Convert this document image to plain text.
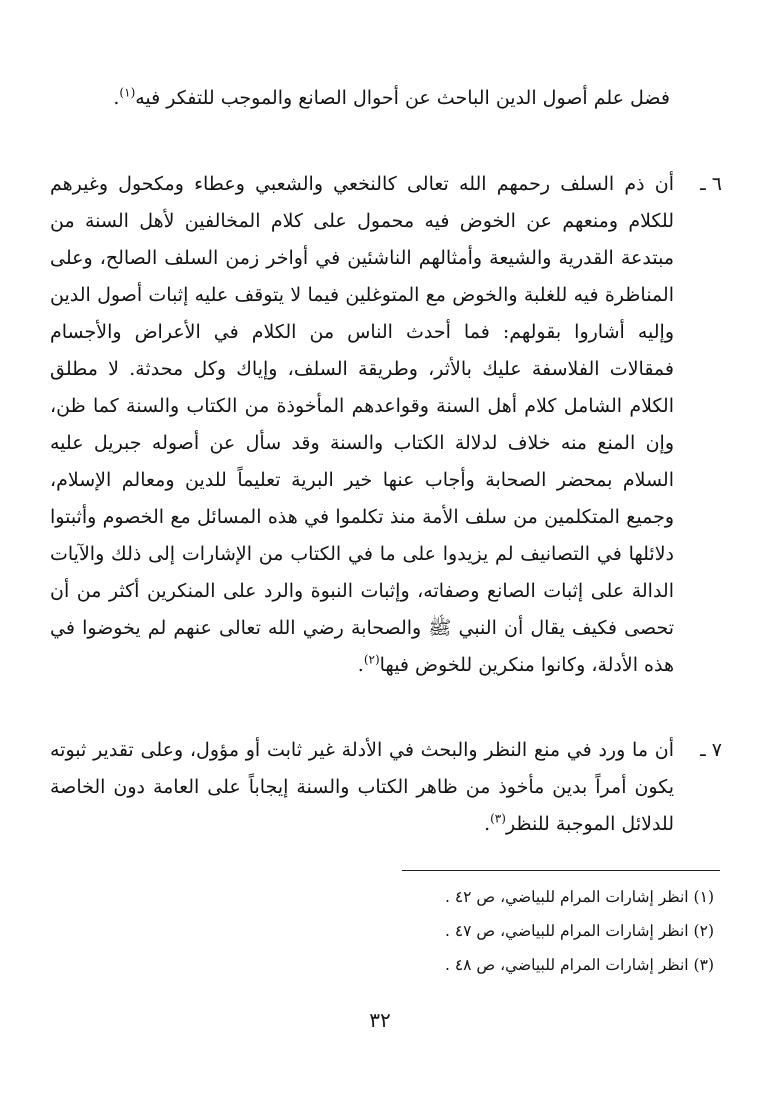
فضل علم أصول الدين الباحث عن أحوال الصانع والموجب للتفكر فيه$^{(١)}$.

٦ ـ
أن ذم السلف رحمهم الله تعالى كالنخعي والشعبي وعطاء ومكحول وغيرهم للكلام ومنعهم عن الخوض فيه محمول على كلام المخالفين لأهل السنة من مبتدعة القدرية والشيعة وأمثالهم الناشئين في أواخر زمن السلف الصالح، وعلى المناظرة فيه للغلبة والخوض مع المتوغلين فيما لا يتوقف عليه إثبات أصول الدين وإليه أشاروا بقولهم: فما أحدث الناس من الكلام في الأعراض والأجسام فمقالات الفلاسفة عليك بالأثر، وطريقة السلف، وإياك وكل محدثة. لا مطلق الكلام الشامل كلام أهل السنة وقواعدهم المأخوذة من الكتاب والسنة كما ظن، وإن المنع منه خلاف لدلالة الكتاب والسنة وقد سأل عن أصوله جبريل عليه السلام بمحضر الصحابة وأجاب عنها خير البرية تعليماً للدين ومعالم الإسلام، وجميع المتكلمين من سلف الأمة منذ تكلموا في هذه المسائل مع الخصوم وأثبتوا دلائلها في التصانيف لم يزيدوا على ما في الكتاب من الإشارات إلى ذلك والآيات الدالة على إثبات الصانع وصفاته، وإثبات النبوة والرد على المنكرين أكثر من أن تحصى فكيف يقال أن النبي ﷺ والصحابة رضي الله تعالى عنهم لم يخوضوا في هذه الأدلة، وكانوا منكرين للخوض فيها$^{(٢)}$.
٧ ـ
أن ما ورد في منع النظر والبحث في الأدلة غير ثابت أو مؤول، وعلى تقدير ثبوته يكون أمراً بدين مأخوذ من ظاهر الكتاب والسنة إيجاباً على العامة دون الخاصة للدلائل الموجبة للنظر$^{(٣)}$.
(١) انظر إشارات المرام للبياضي، ص ٤٢ .
(٢) انظر إشارات المرام للبياضي، ص ٤٧ .
(٣) انظر إشارات المرام للبياضي، ص ٤٨ .
٣٢
